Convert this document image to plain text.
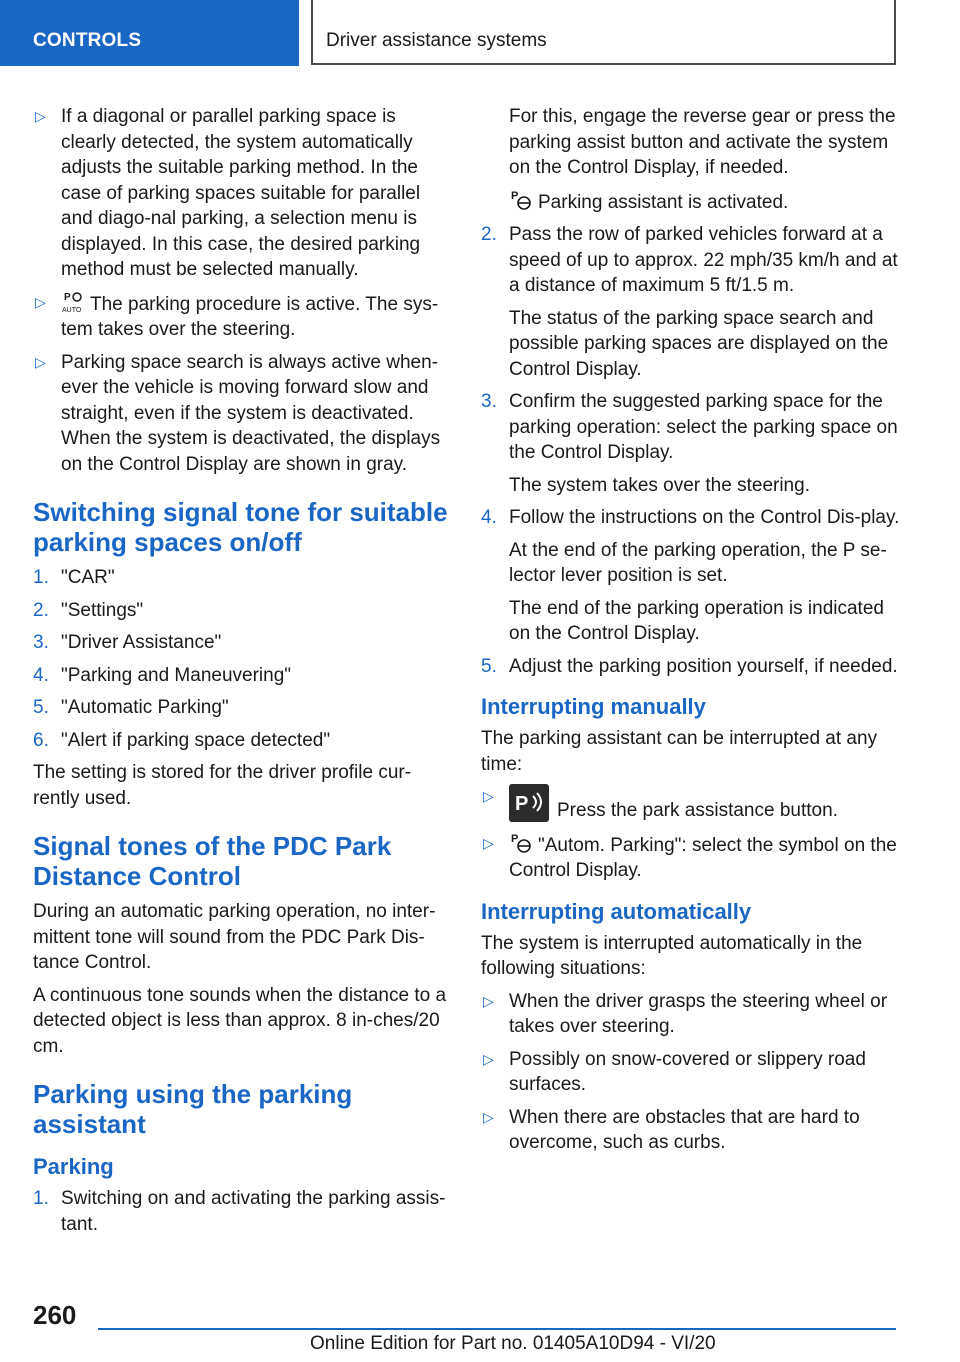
CONTROLS	Driver assistance systems
▷ If a diagonal or parallel parking space is clearly detected, the system automatically adjusts the suitable parking method. In the case of parking spaces suitable for parallel and diago-nal parking, a selection menu is displayed. In this case, the desired parking method must be selected manually.
▷ P
AUTO The parking procedure is active. The sys-tem takes over the steering.
▷ Parking space search is always active when-ever the vehicle is moving forward slow and straight, even if the system is deactivated. When the system is deactivated, the displays on the Control Display are shown in gray.
Switching signal tone for suitable parking spaces on/off
1. "CAR"
2. "Settings"
3. "Driver Assistance"
4. "Parking and Maneuvering"
5. "Automatic Parking"
6. "Alert if parking space detected"

The setting is stored for the driver profile cur-rently used.

Signal tones of the PDC Park Distance Control

During an automatic parking operation, no inter-mittent tone will sound from the PDC Park Dis-tance Control.

A continuous tone sounds when the distance to a detected object is less than approx. 8 in-ches/20 cm.

Parking using the parking assistant
Parking
1. Switching on and activating the parking assis-tant.

For this, engage the reverse gear or press the parking assist button and activate the system on the Control Display, if needed.

P Parking assistant is activated.

2. Pass the row of parked vehicles forward at a speed of up to approx. 22 mph/35 km/h and at a distance of maximum 5 ft/1.5 m.

The status of the parking space search and possible parking spaces are displayed on the Control Display.

3. Confirm the suggested parking space for the parking operation: select the parking space on the Control Display.

The system takes over the steering.

4. Follow the instructions on the Control Dis-play.

At the end of the parking operation, the P se-lector lever position is set.

The end of the parking operation is indicated on the Control Display.

5. Adjust the parking position yourself, if needed.
Interrupting manually

The parking assistant can be interrupted at any time:

▷ P Press the park assistance button.
▷ P "Autom. Parking": select the symbol on the Control Display.
Interrupting automatically

The system is interrupted automatically in the following situations:

▷ When the driver grasps the steering wheel or takes over steering.
▷ Possibly on snow-covered or slippery road surfaces.
▷ When there are obstacles that are hard to overcome, such as curbs.
260
Online Edition for Part no. 01405A10D94 - VI/20
